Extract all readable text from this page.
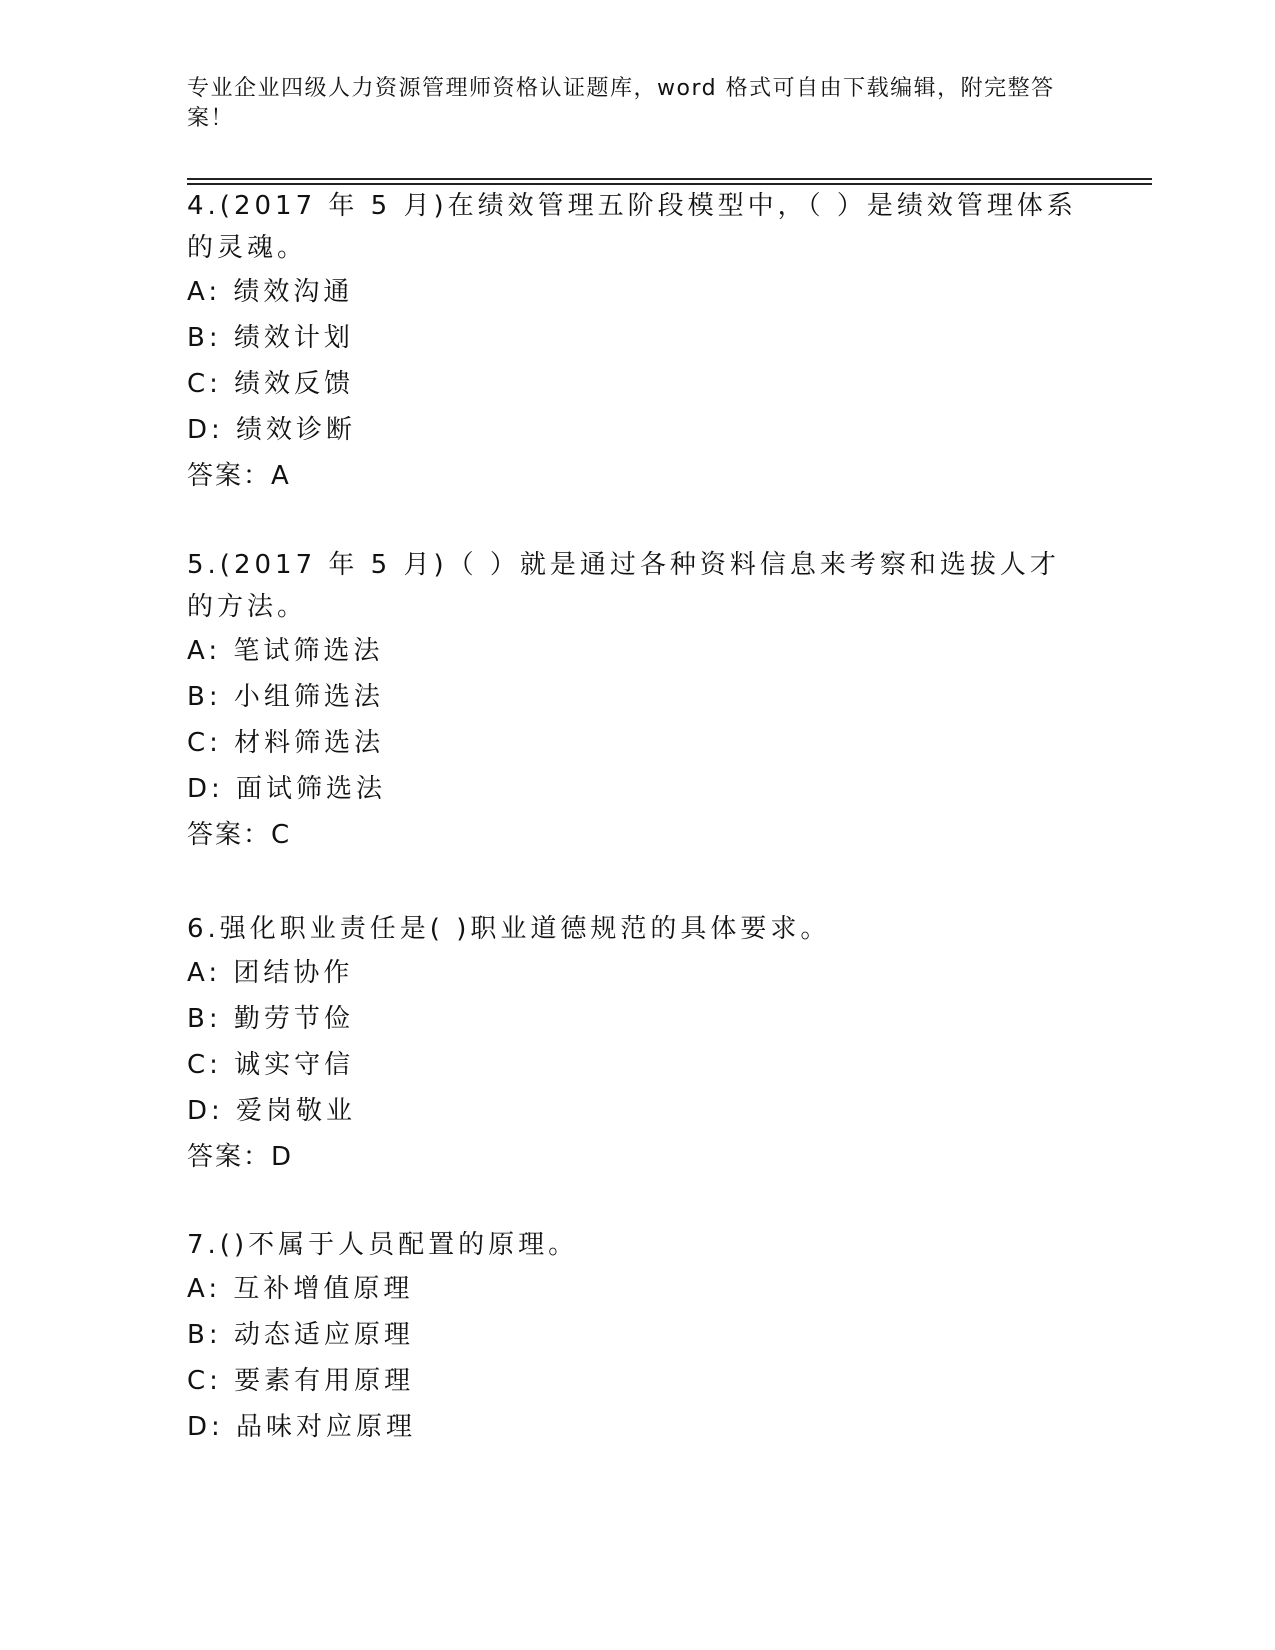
专业企业四级人力资源管理师资格认证题库，word 格式可自由下载编辑，附完整答案！

4.(2017 年 5 月)在绩效管理五阶段模型中，（ ）是绩效管理体系的灵魂。

A: 绩效沟通
B: 绩效计划
C: 绩效反馈
D: 绩效诊断
答案：A

5.(2017 年 5 月)（ ）就是通过各种资料信息来考察和选拔人才的方法。

A: 笔试筛选法
B: 小组筛选法
C: 材料筛选法
D: 面试筛选法
答案：C

6.强化职业责任是( )职业道德规范的具体要求。

A: 团结协作
B: 勤劳节俭
C: 诚实守信
D: 爱岗敬业
答案：D

7.()不属于人员配置的原理。

A: 互补增值原理
B: 动态适应原理
C: 要素有用原理
D: 品味对应原理
